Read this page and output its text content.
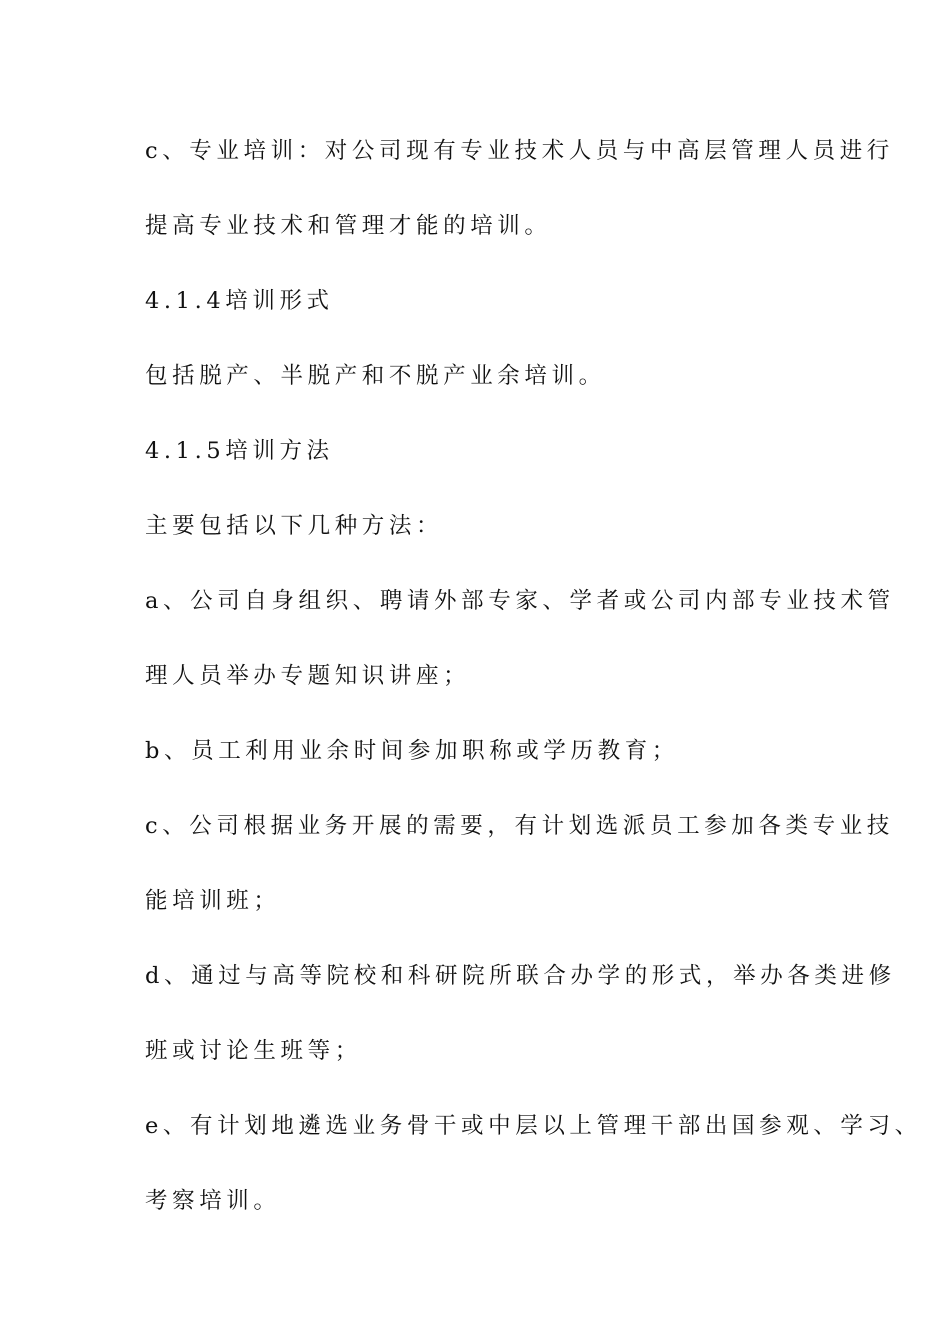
c、专业培训：对公司现有专业技术人员与中高层管理人员进行

提高专业技术和管理才能的培训。

4.1.4培训形式

包括脱产、半脱产和不脱产业余培训。

4.1.5培训方法

主要包括以下几种方法：

a、公司自身组织、聘请外部专家、学者或公司内部专业技术管

理人员举办专题知识讲座；

b、员工利用业余时间参加职称或学历教育；

c、公司根据业务开展的需要，有计划选派员工参加各类专业技

能培训班；

d、通过与高等院校和科研院所联合办学的形式，举办各类进修

班或讨论生班等；

e、有计划地遴选业务骨干或中层以上管理干部出国参观、学习、

考察培训。
